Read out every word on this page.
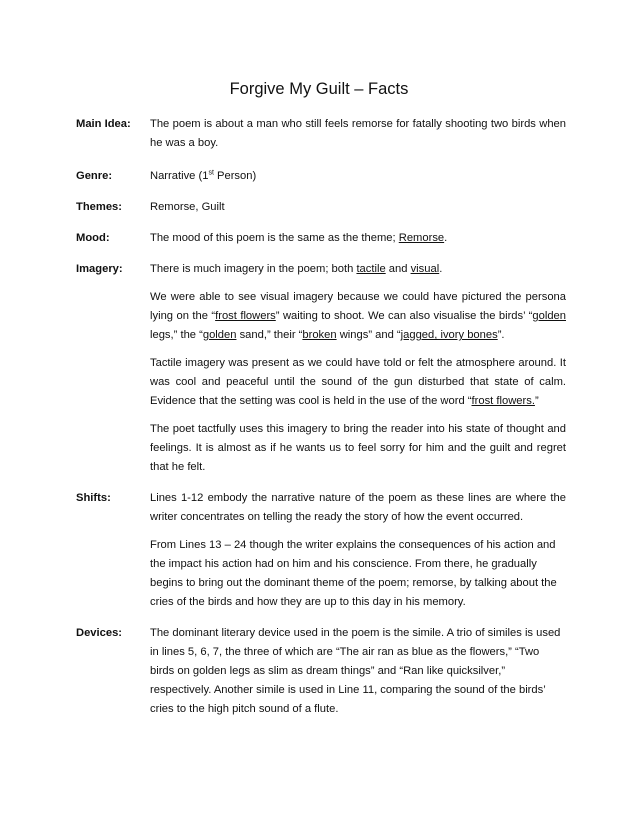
Forgive My Guilt – Facts
Main Idea:	The poem is about a man who still feels remorse for fatally shooting two birds when he was a boy.

Genre:	Narrative (1st Person)

Themes:	Remorse, Guilt

Mood:	The mood of this poem is the same as the theme; Remorse.

Imagery:	There is much imagery in the poem; both tactile and visual.

We were able to see visual imagery because we could have pictured the persona lying on the “frost flowers” waiting to shoot. We can also visualise the birds’ “golden legs,” the “golden sand,” their “broken wings” and “jagged, ivory bones”.

Tactile imagery was present as we could have told or felt the atmosphere around. It was cool and peaceful until the sound of the gun disturbed that state of calm. Evidence that the setting was cool is held in the use of the word “frost flowers.”

The poet tactfully uses this imagery to bring the reader into his state of thought and feelings. It is almost as if he wants us to feel sorry for him and the guilt and regret that he felt.

Shifts:	Lines 1-12 embody the narrative nature of the poem as these lines are where the writer concentrates on telling the ready the story of how the event occurred.

From Lines 13 – 24 though the writer explains the consequences of his action and the impact his action had on him and his conscience. From there, he gradually begins to bring out the dominant theme of the poem; remorse, by talking about the cries of the birds and how they are up to this day in his memory.

Devices:	The dominant literary device used in the poem is the simile. A trio of similes is used in lines 5, 6, 7, the three of which are “The air ran as blue as the flowers,” “Two birds on golden legs as slim as dream things” and “Ran like quicksilver,” respectively. Another simile is used in Line 11, comparing the sound of the birds’ cries to the high pitch sound of a flute.
